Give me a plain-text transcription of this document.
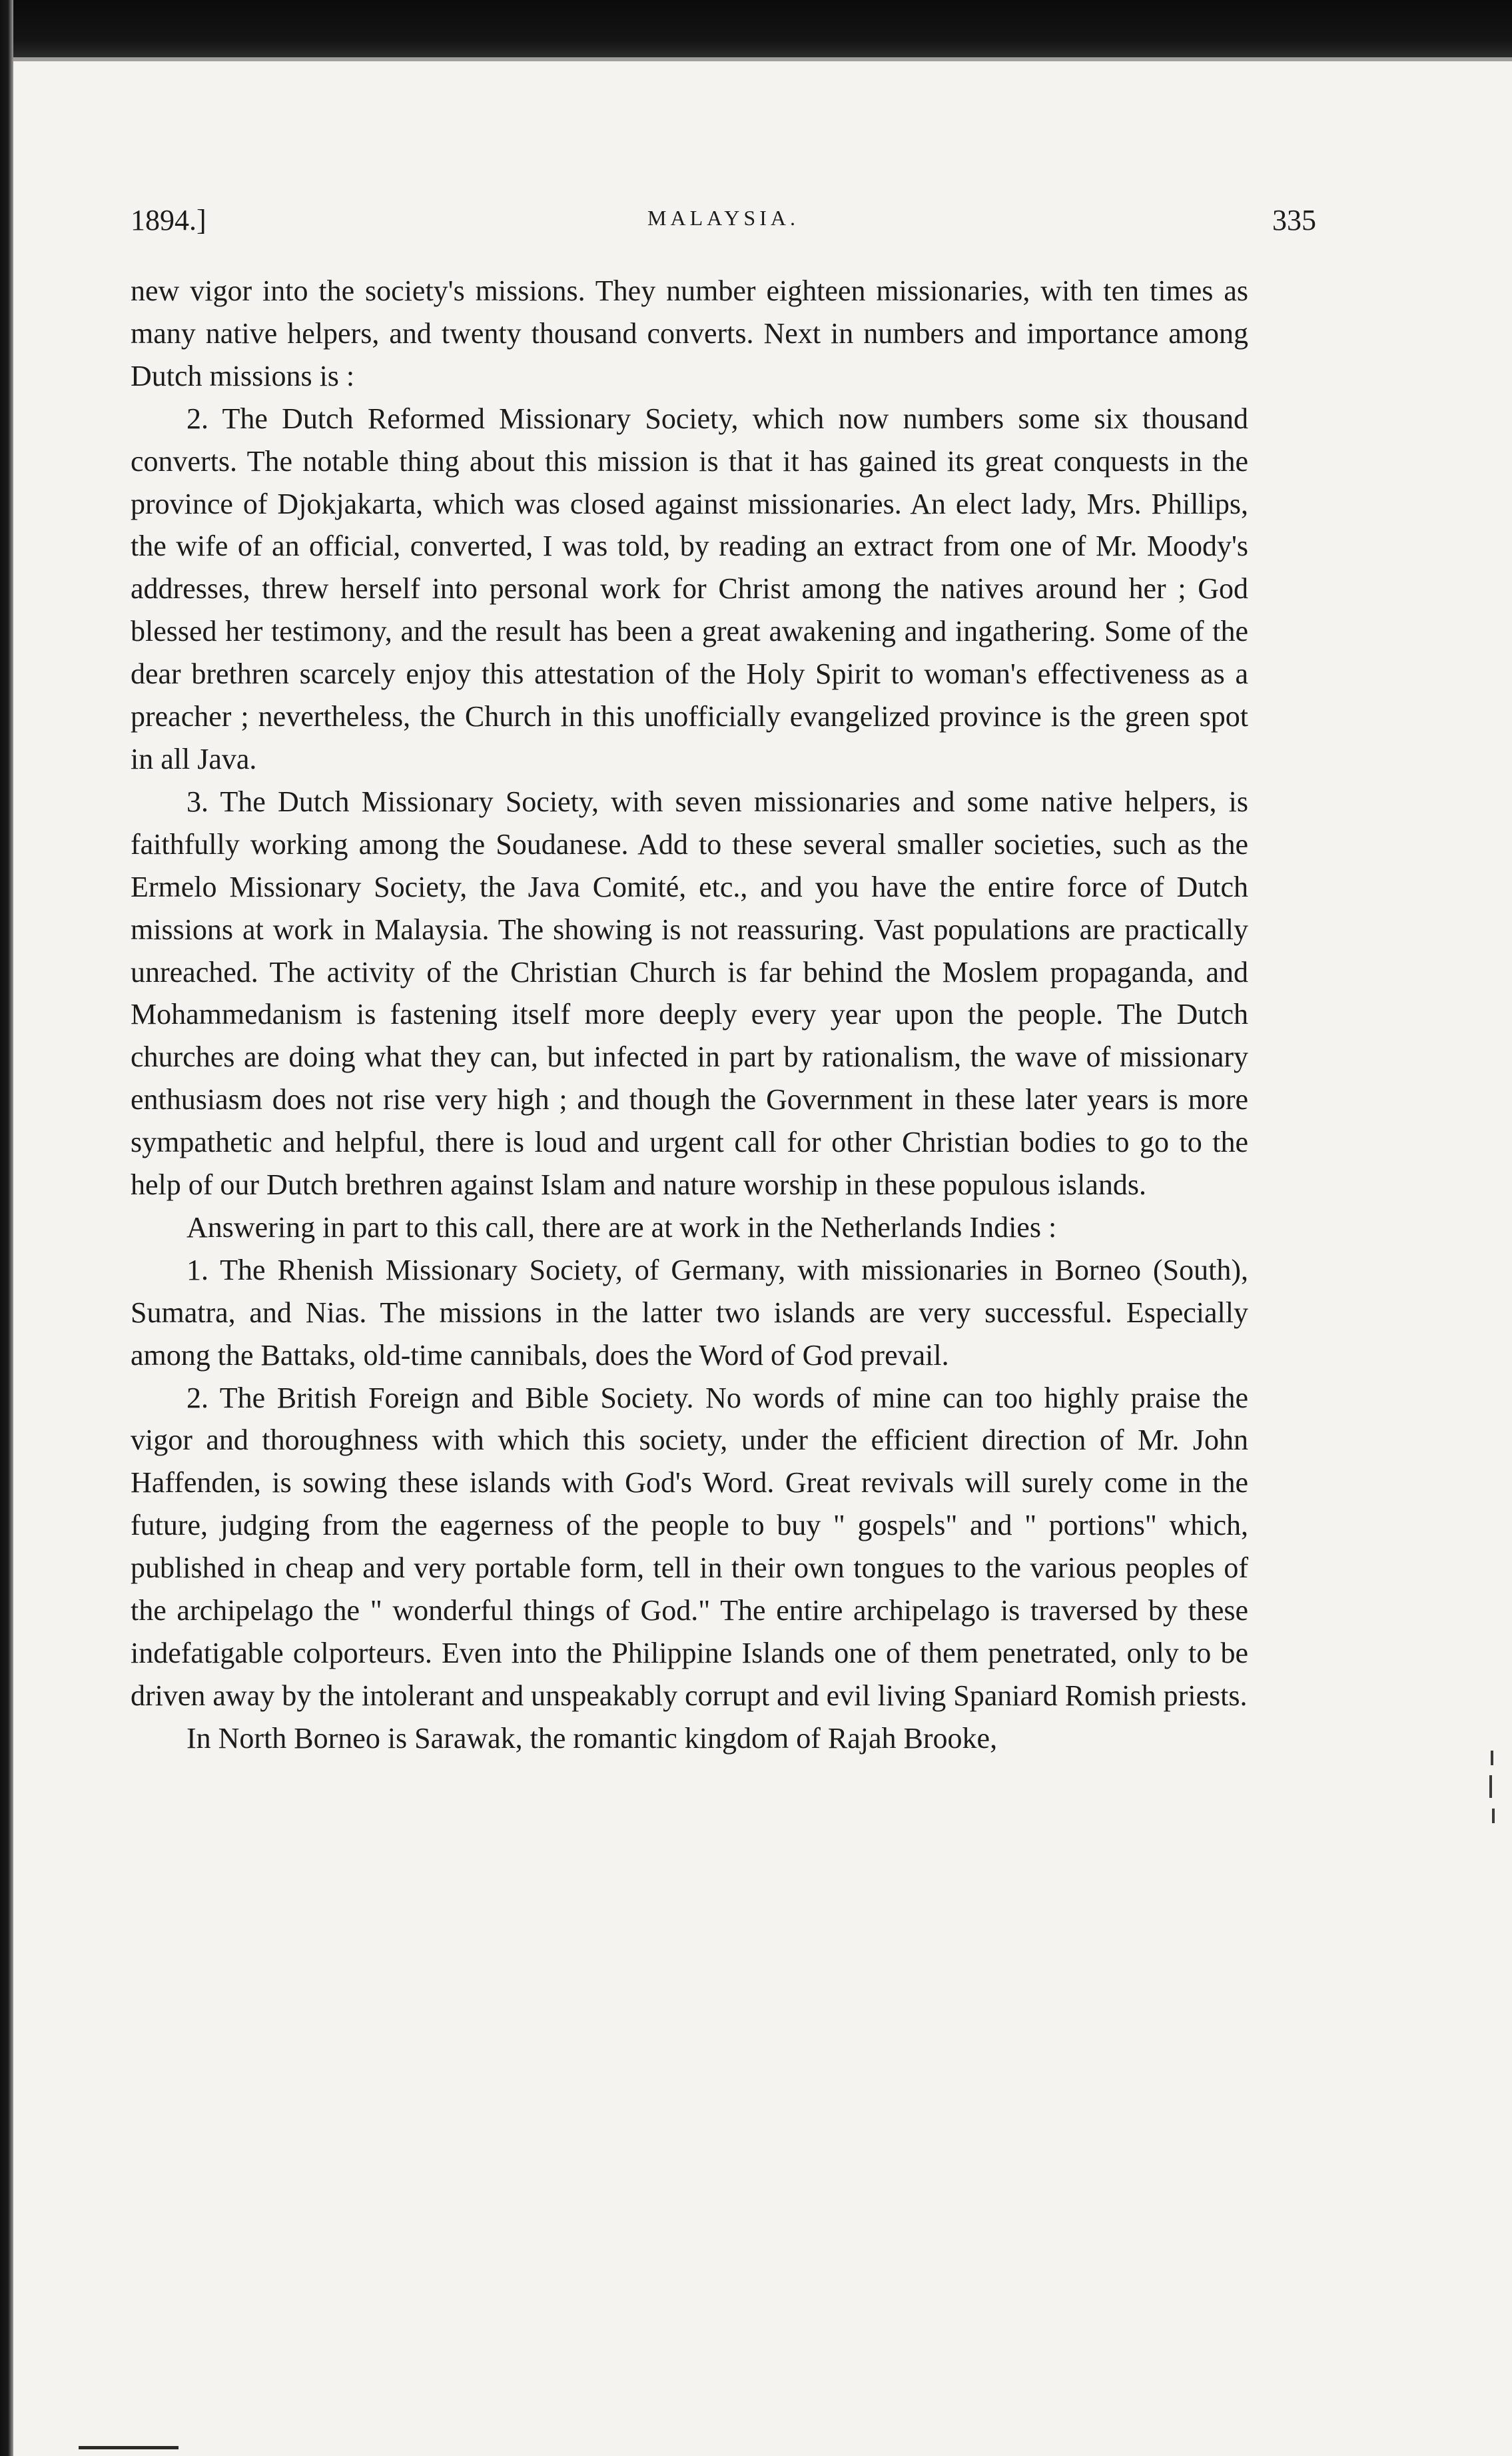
1894.]	MALAYSIA.	335

new vigor into the society's missions. They number eighteen missionaries, with ten times as many native helpers, and twenty thousand converts. Next in numbers and importance among Dutch missions is :

2. The Dutch Reformed Missionary Society, which now numbers some six thousand converts. The notable thing about this mission is that it has gained its great conquests in the province of Djokjakarta, which was closed against missionaries. An elect lady, Mrs. Phillips, the wife of an official, converted, I was told, by reading an extract from one of Mr. Moody's addresses, threw herself into personal work for Christ among the natives around her ; God blessed her testimony, and the result has been a great awakening and ingathering. Some of the dear brethren scarcely enjoy this attestation of the Holy Spirit to woman's effectiveness as a preacher ; nevertheless, the Church in this unofficially evangelized province is the green spot in all Java.

3. The Dutch Missionary Society, with seven missionaries and some native helpers, is faithfully working among the Soudanese. Add to these several smaller societies, such as the Ermelo Missionary Society, the Java Comité, etc., and you have the entire force of Dutch missions at work in Malaysia. The showing is not reassuring. Vast populations are practically unreached. The activity of the Christian Church is far behind the Moslem propaganda, and Mohammedanism is fastening itself more deeply every year upon the people. The Dutch churches are doing what they can, but infected in part by rationalism, the wave of missionary enthusiasm does not rise very high ; and though the Government in these later years is more sympathetic and helpful, there is loud and urgent call for other Christian bodies to go to the help of our Dutch brethren against Islam and nature worship in these populous islands.

Answering in part to this call, there are at work in the Netherlands Indies :

1. The Rhenish Missionary Society, of Germany, with missionaries in Borneo (South), Sumatra, and Nias. The missions in the latter two islands are very successful. Especially among the Battaks, old-time cannibals, does the Word of God prevail.

2. The British Foreign and Bible Society. No words of mine can too highly praise the vigor and thoroughness with which this society, under the efficient direction of Mr. John Haffenden, is sowing these islands with God's Word. Great revivals will surely come in the future, judging from the eagerness of the people to buy " gospels" and " portions" which, published in cheap and very portable form, tell in their own tongues to the various peoples of the archipelago the " wonderful things of God." The entire archipelago is traversed by these indefatigable colporteurs. Even into the Philippine Islands one of them penetrated, only to be driven away by the intolerant and unspeakably corrupt and evil living Spaniard Romish priests.

In North Borneo is Sarawak, the romantic kingdom of Rajah Brooke,
